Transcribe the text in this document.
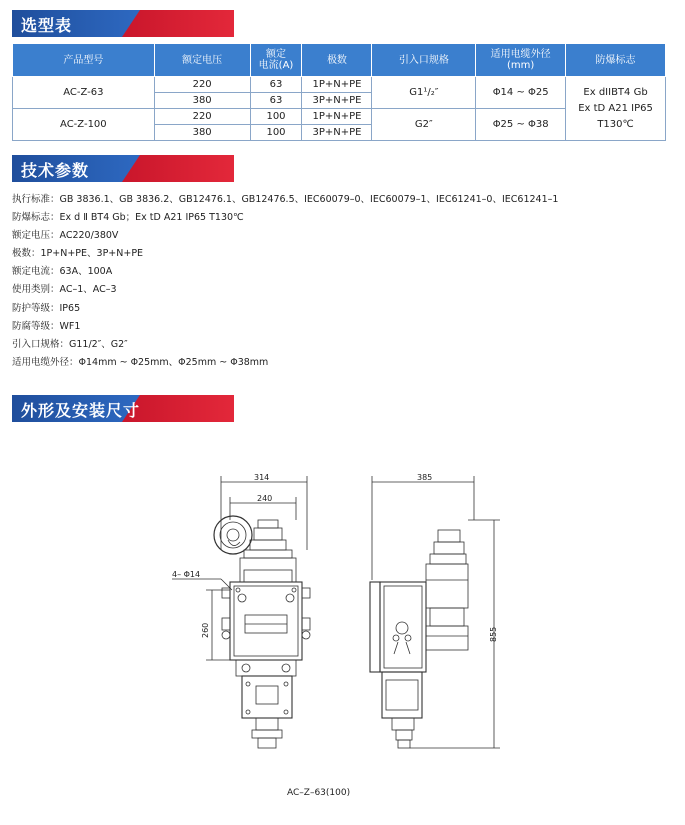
选型表
产品型号	额定电压	额定
电流(A)	极数	引入口规格	适用电缆外径
(mm)	防爆标志
AC-Z-63	220	63	1P+N+PE	G1¹/₂″	Φ14 ~ Φ25	Ex dIIBT4 Gb
Ex tD A21 IP65 T130℃
	380	63	3P+N+PE			
AC-Z-100	220	100	1P+N+PE	G2″	Φ25 ~ Φ38	
	380	100	3P+N+PE			
技术参数
执行标准：GB 3836.1、GB 3836.2、GB12476.1、GB12476.5、IEC60079–0、IEC60079–1、IEC61241–0、IEC61241–1
防爆标志：Ex d Ⅱ BT4 Gb；Ex tD A21 IP65 T130℃
额定电压：AC220/380V
极数：1P+N+PE、3P+N+PE
额定电流：63A、100A
使用类别：AC–1、AC–3
防护等级：IP65
防腐等级：WF1
引入口规格：G11/2″、G2″
适用电缆外径：Φ14mm ~ Φ25mm、Φ25mm ~ Φ38mm
外形及安装尺寸
314
240
4– Φ14
260
385
855
AC–Z–63(100)
